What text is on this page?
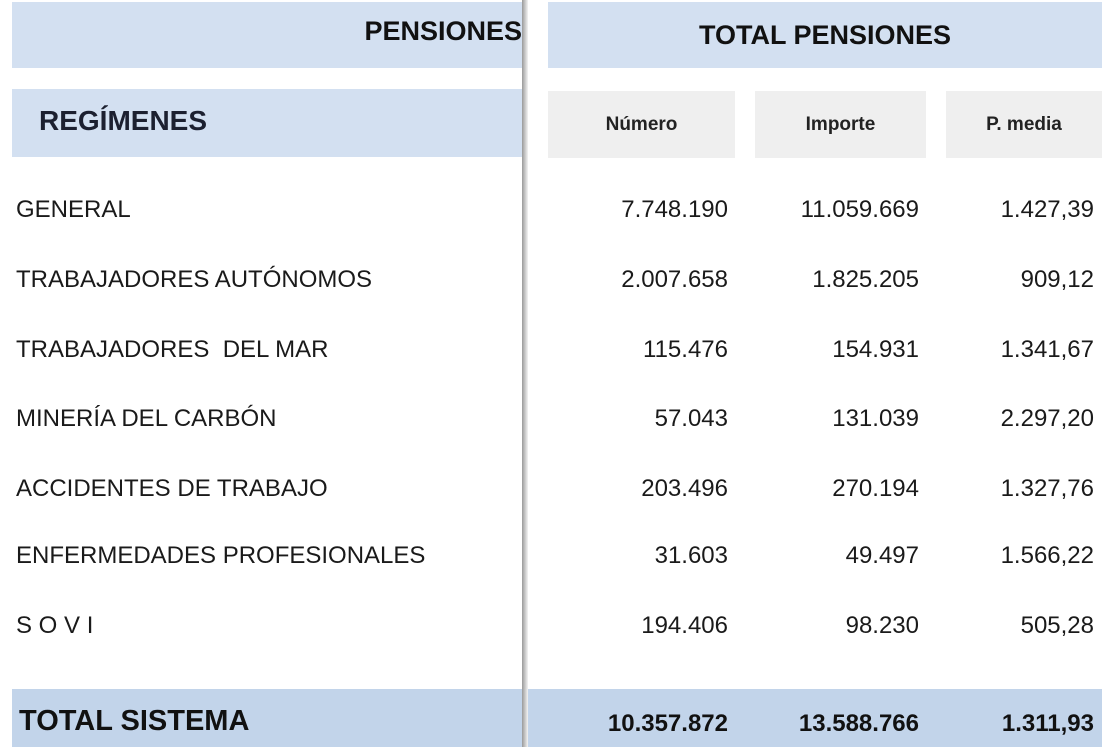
PENSIONES	TOTAL PENSIONES
REGÍMENES	Número	Importe	P. media
GENERAL	7.748.190	11.059.669	1.427,39
TRABAJADORES AUTÓNOMOS	2.007.658	1.825.205	909,12
TRABAJADORES  DEL MAR	115.476	154.931	1.341,67
MINERÍA DEL CARBÓN	57.043	131.039	2.297,20
ACCIDENTES DE TRABAJO	203.496	270.194	1.327,76
ENFERMEDADES PROFESIONALES	31.603	49.497	1.566,22
S O V I	194.406	98.230	505,28
TOTAL SISTEMA	10.357.872	13.588.766	1.311,93
